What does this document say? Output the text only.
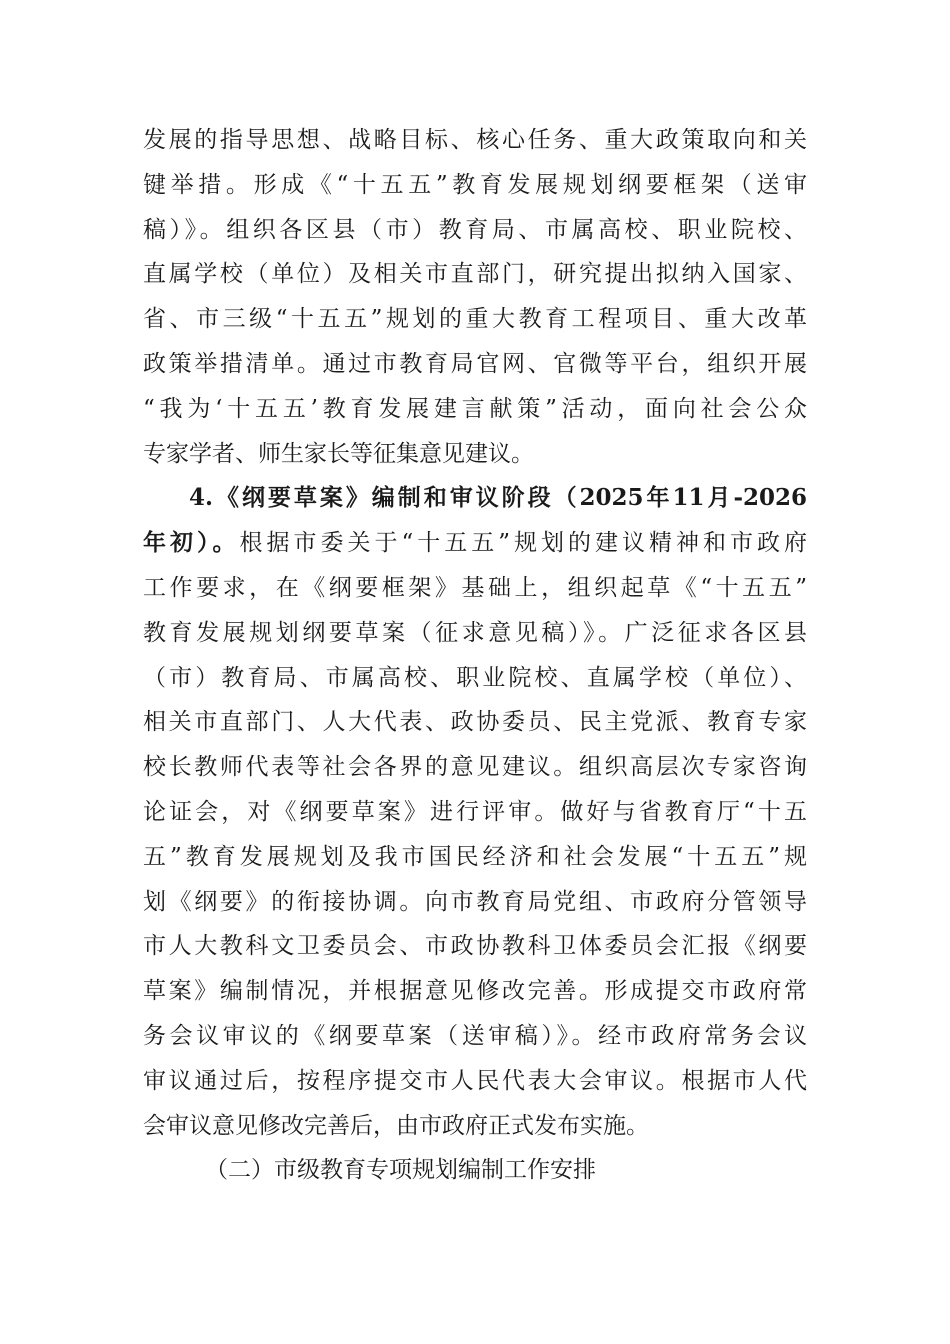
发展的指导思想、战略目标、核心任务、重大政策取向和关
键举措。形成《“十五五”教育发展规划纲要框架（送审
稿）》。组织各区县（市）教育局、市属高校、职业院校、
直属学校（单位）及相关市直部门，研究提出拟纳入国家、
省、市三级“十五五”规划的重大教育工程项目、重大改革
政策举措清单。通过市教育局官网、官微等平台，组织开展
“我为‘十五五’教育发展建言献策”活动，面向社会公众
专家学者、师生家长等征集意见建议。
4.《纲要草案》编制和审议阶段（2025年11月-2026
年初）。根据市委关于“十五五”规划的建议精神和市政府
工作要求，在《纲要框架》基础上，组织起草《“十五五”
教育发展规划纲要草案（征求意见稿）》。广泛征求各区县
（市）教育局、市属高校、职业院校、直属学校（单位）、
相关市直部门、人大代表、政协委员、民主党派、教育专家
校长教师代表等社会各界的意见建议。组织高层次专家咨询
论证会，对《纲要草案》进行评审。做好与省教育厅“十五
五”教育发展规划及我市国民经济和社会发展“十五五”规
划《纲要》的衔接协调。向市教育局党组、市政府分管领导
市人大教科文卫委员会、市政协教科卫体委员会汇报《纲要
草案》编制情况，并根据意见修改完善。形成提交市政府常
务会议审议的《纲要草案（送审稿）》。经市政府常务会议
审议通过后，按程序提交市人民代表大会审议。根据市人代
会审议意见修改完善后，由市政府正式发布实施。
（二）市级教育专项规划编制工作安排
